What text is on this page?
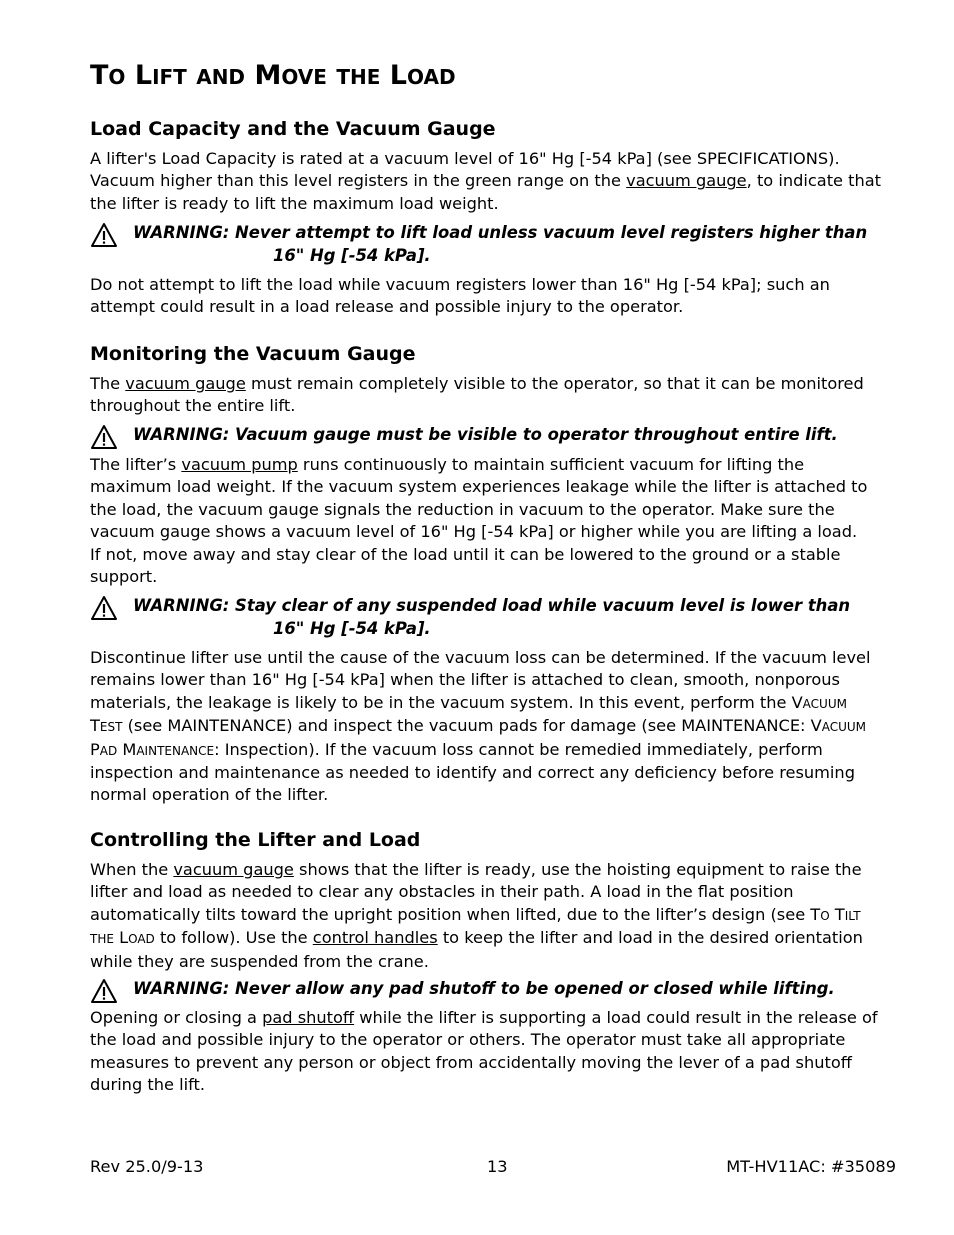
TO LIFT AND MOVE THE LOAD
Load Capacity and the Vacuum Gauge

A lifter's Load Capacity is rated at a vacuum level of 16" Hg [-54 kPa] (see SPECIFICATIONS).

Vacuum higher than this level registers in the green range on the vacuum gauge, to indicate that

the lifter is ready to lift the maximum load weight.

WARNING: Never attempt to lift load unless vacuum level registers higher than
16" Hg [-54 kPa].

Do not attempt to lift the load while vacuum registers lower than 16" Hg [-54 kPa]; such an

attempt could result in a load release and possible injury to the operator.

Monitoring the Vacuum Gauge

The vacuum gauge must remain completely visible to the operator, so that it can be monitored

throughout the entire lift.

WARNING: Vacuum gauge must be visible to operator throughout entire lift.

The lifter’s vacuum pump runs continuously to maintain sufficient vacuum for lifting the

maximum load weight. If the vacuum system experiences leakage while the lifter is attached to

the load, the vacuum gauge signals the reduction in vacuum to the operator. Make sure the

vacuum gauge shows a vacuum level of 16" Hg [-54 kPa] or higher while you are lifting a load.

If not, move away and stay clear of the load until it can be lowered to the ground or a stable

support.

WARNING: Stay clear of any suspended load while vacuum level is lower than
16" Hg [-54 kPa].

Discontinue lifter use until the cause of the vacuum loss can be determined. If the vacuum level

remains lower than 16" Hg [-54 kPa] when the lifter is attached to clean, smooth, nonporous

materials, the leakage is likely to be in the vacuum system. In this event, perform the VACUUM

TEST (see MAINTENANCE) and inspect the vacuum pads for damage (see MAINTENANCE: VACUUM

PAD MAINTENANCE: Inspection). If the vacuum loss cannot be remedied immediately, perform

inspection and maintenance as needed to identify and correct any deficiency before resuming

normal operation of the lifter.

Controlling the Lifter and Load

When the vacuum gauge shows that the lifter is ready, use the hoisting equipment to raise the

lifter and load as needed to clear any obstacles in their path. A load in the flat position

automatically tilts toward the upright position when lifted, due to the lifter’s design (see TO TILT

THE LOAD to follow). Use the control handles to keep the lifter and load in the desired orientation

while they are suspended from the crane.

WARNING: Never allow any pad shutoff to be opened or closed while lifting.

Opening or closing a pad shutoff while the lifter is supporting a load could result in the release of

the load and possible injury to the operator or others. The operator must take all appropriate

measures to prevent any person or object from accidentally moving the lever of a pad shutoff

during the lift.

Rev 25.0/9-13	13	MT-HV11AC: #35089
